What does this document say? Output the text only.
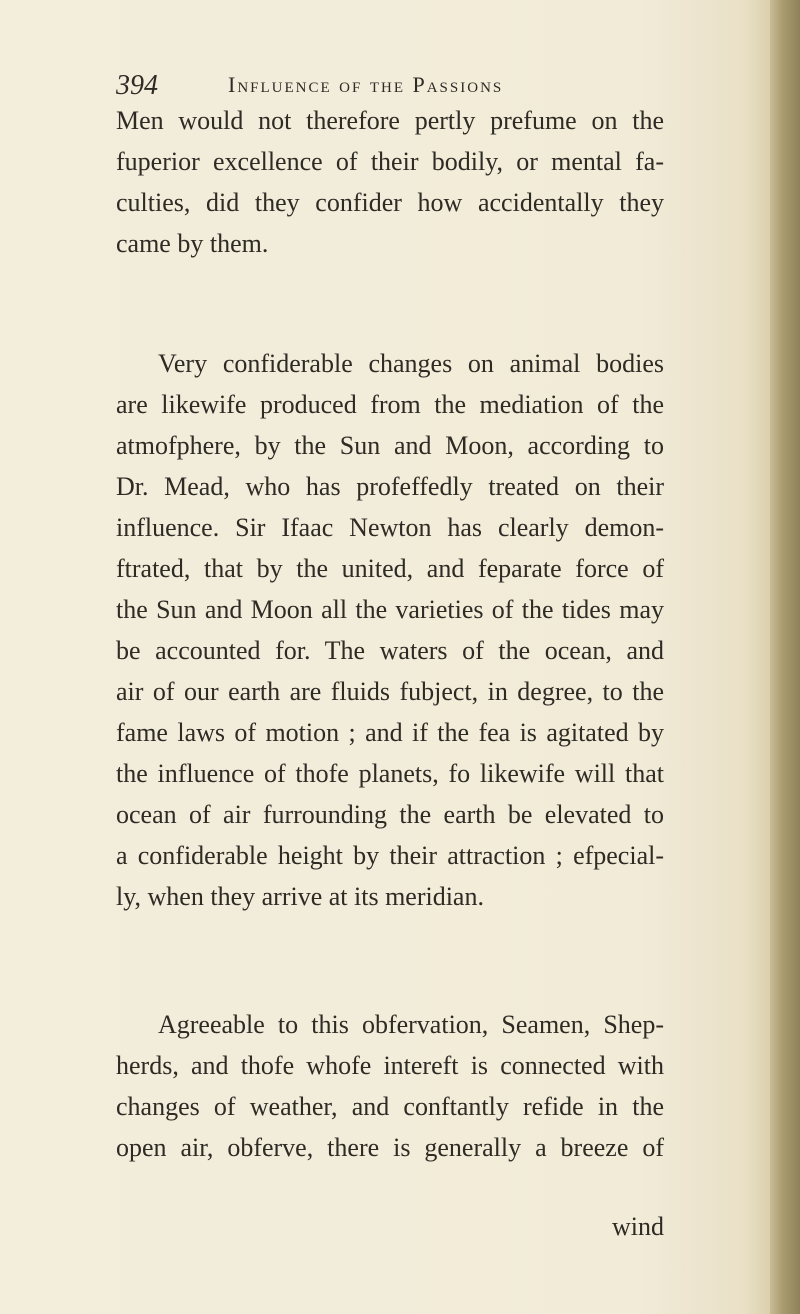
394	Influence of the Passions
Men would not therefore pertly prefume on the
fuperior excellence of their bodily, or mental fa-
culties, did they confider how accidentally they
came by them.
Very confiderable changes on animal bodies
are likewife produced from the mediation of the
atmofphere, by the Sun and Moon, according to
Dr. Mead, who has profeffedly treated on their
influence. Sir Ifaac Newton has clearly demon-
ftrated, that by the united, and feparate force of
the Sun and Moon all the varieties of the tides may
be accounted for. The waters of the ocean, and
air of our earth are fluids fubject, in degree, to the
fame laws of motion ; and if the fea is agitated by
the influence of thofe planets, fo likewife will that
ocean of air furrounding the earth be elevated to
a confiderable height by their attraction ; efpecial-
ly, when they arrive at its meridian.
Agreeable to this obfervation, Seamen, Shep-
herds, and thofe whofe intereft is connected with
changes of weather, and conftantly refide in the
open air, obferve, there is generally a breeze of
wind
